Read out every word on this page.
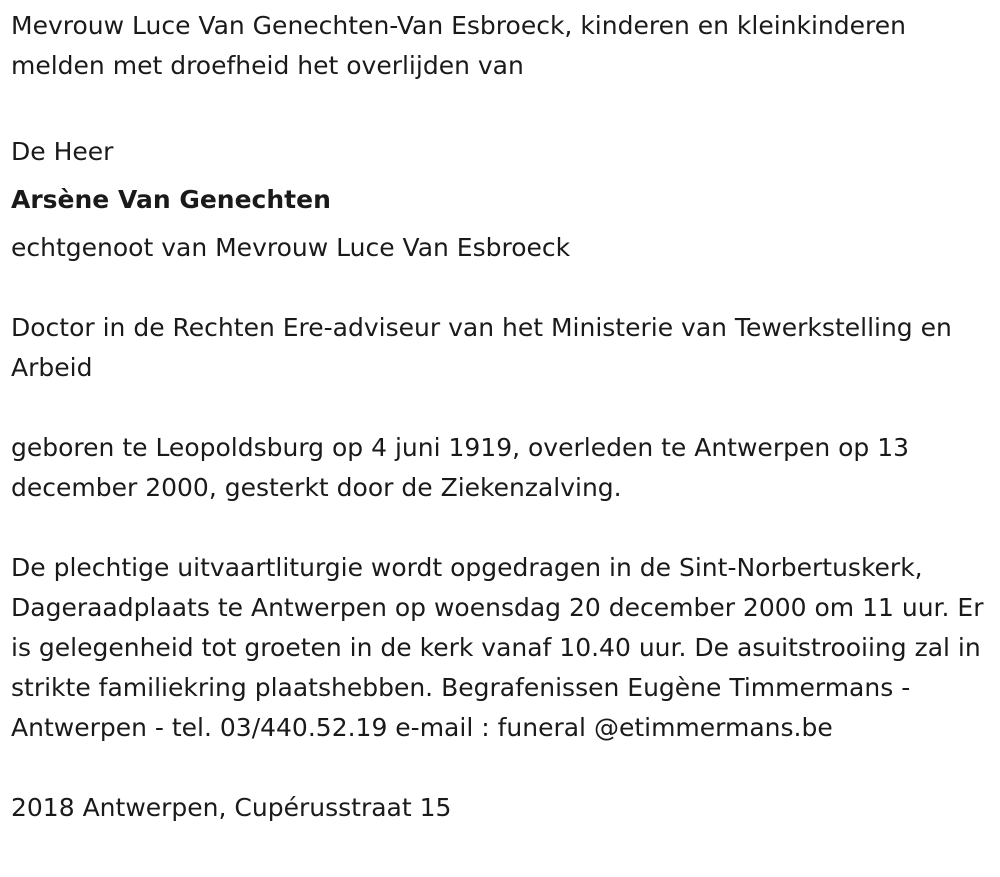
Mevrouw Luce Van Genechten-Van Esbroeck, kinderen en kleinkinderen melden met droefheid het overlijden van

De Heer

Arsène Van Genechten

echtgenoot van Mevrouw Luce Van Esbroeck

Doctor in de Rechten Ere-adviseur van het Ministerie van Tewerkstelling en Arbeid

geboren te Leopoldsburg op 4 juni 1919, overleden te Antwerpen op 13 december 2000, gesterkt door de Ziekenzalving.

De plechtige uitvaartliturgie wordt opgedragen in de Sint-Norbertuskerk, Dageraadplaats te Antwerpen op woensdag 20 december 2000 om 11 uur. Er is gelegenheid tot groeten in de kerk vanaf 10.40 uur. De asuitstrooiing zal in strikte familiekring plaatshebben. Begrafenissen Eugène Timmermans - Antwerpen - tel. 03/440.52.19 e-mail : funeral @etimmermans.be

2018 Antwerpen, Cupérusstraat 15
